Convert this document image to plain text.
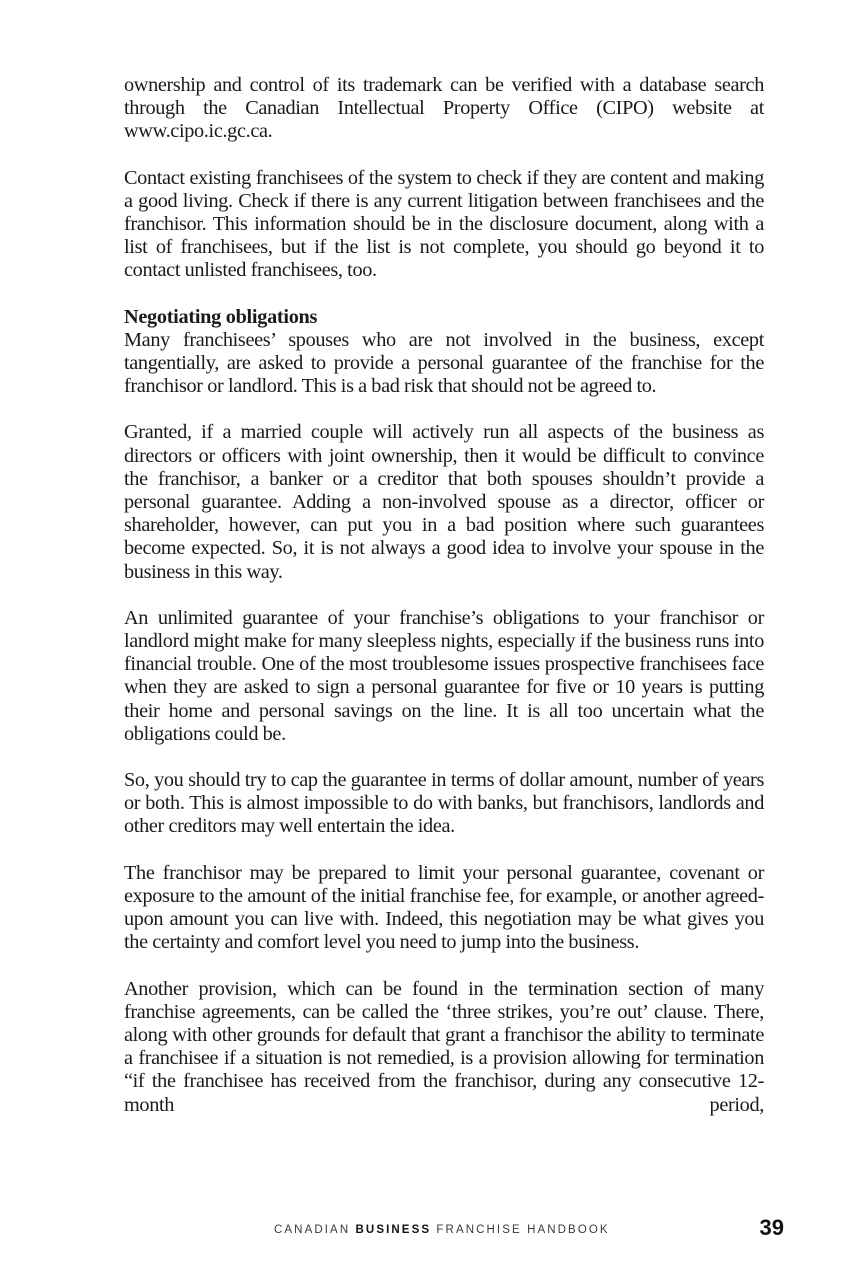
ownership and control of its trademark can be verified with a database search through the Canadian Intellectual Property Office (CIPO) website at www.cipo.ic.gc.ca.

Contact existing franchisees of the system to check if they are content and making a good living. Check if there is any current litigation between franchisees and the franchisor. This information should be in the disclosure document, along with a list of franchisees, but if the list is not complete, you should go beyond it to contact unlisted franchisees, too.

Negotiating obligations

Many franchisees’ spouses who are not involved in the business, except tangentially, are asked to provide a personal guarantee of the franchise for the franchisor or landlord. This is a bad risk that should not be agreed to.

Granted, if a married couple will actively run all aspects of the business as directors or officers with joint ownership, then it would be difficult to convince the franchisor, a banker or a creditor that both spouses shouldn’t provide a personal guarantee. Adding a non-involved spouse as a director, officer or shareholder, however, can put you in a bad position where such guarantees become expected. So, it is not always a good idea to involve your spouse in the business in this way.

An unlimited guarantee of your franchise’s obligations to your franchisor or landlord might make for many sleepless nights, especially if the business runs into financial trouble. One of the most troublesome issues prospective franchisees face when they are asked to sign a personal guarantee for five or 10 years is putting their home and personal savings on the line. It is all too uncertain what the obligations could be.

So, you should try to cap the guarantee in terms of dollar amount, number of years or both. This is almost impossible to do with banks, but franchisors, landlords and other creditors may well entertain the idea.

The franchisor may be prepared to limit your personal guarantee, covenant or exposure to the amount of the initial franchise fee, for example, or another agreed-upon amount you can live with. Indeed, this negotiation may be what gives you the certainty and comfort level you need to jump into the business.

Another provision, which can be found in the termination section of many franchise agreements, can be called the ‘three strikes, you’re out’ clause. There, along with other grounds for default that grant a franchisor the ability to terminate a franchisee if a situation is not remedied, is a provision allowing for termination “if the franchisee has received from the franchisor, during any consecutive 12-month period,

CANADIAN BUSINESS FRANCHISE HANDBOOK	39
